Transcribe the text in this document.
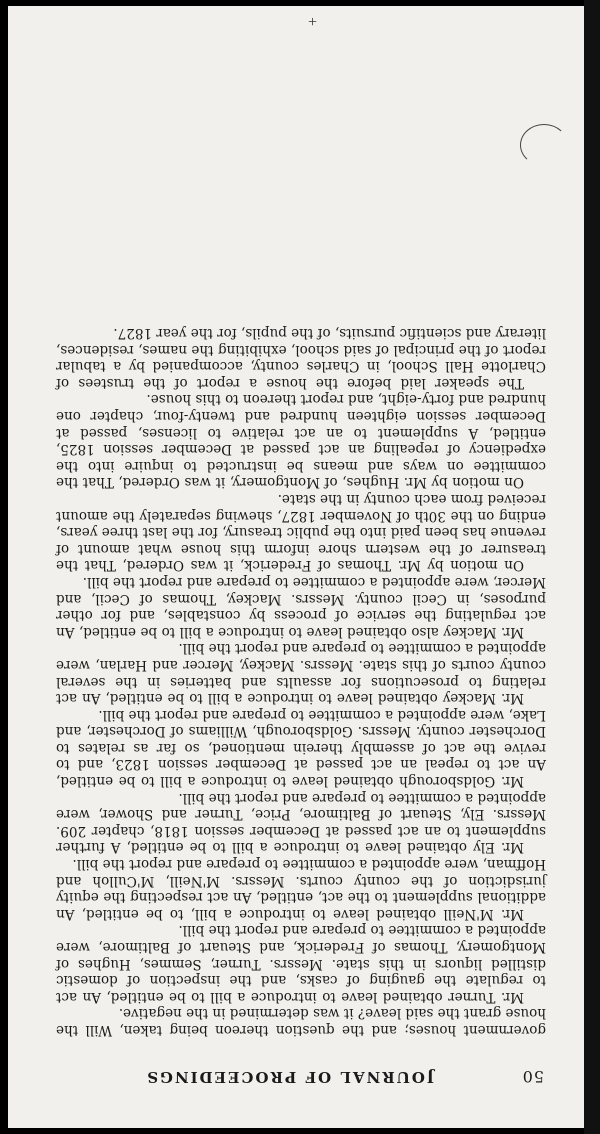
50
JOURNAL OF PROCEEDINGS

government houses; and the question thereon being taken, Will the house grant the said leave? it was determined in the negative.

Mr. Turner obtained leave to introduce a bill to be entitled, An act to regulate the gauging of casks, and the inspection of domestic distilled liquors in this state. Messrs. Turner, Semmes, Hughes of Montgomery, Thomas of Frederick, and Steuart of Baltimore, were appointed a committee to prepare and report the bill.

Mr. M'Neill obtained leave to introduce a bill, to be entitled, An additional supplement to the act, entitled, An act respecting the equity jurisdiction of the county courts. Messrs. M'Neill, M'Culloh and Hoffman, were appointed a committee to prepare and report the bill.

Mr. Ely obtained leave to introduce a bill to be entitled, A further supplement to an act passed at December session 1818, chapter 209. Messrs. Ely, Steuart of Baltimore, Price, Turner and Shower, were appointed a committee to prepare and report the bill.

Mr. Goldsborough obtained leave to introduce a bill to be entitled, An act to repeal an act passed at December session 1823, and to revive the act of assembly therein mentioned, so far as relates to Dorchester county. Messrs. Goldsborough, Williams of Dorchester, and Lake, were appointed a committee to prepare and report the bill.

Mr. Mackey obtained leave to introduce a bill to be entitled, An act relating to prosecutions for assaults and batteries in the several county courts of this state. Messrs. Mackey, Mercer and Harlan, were appointed a committee to prepare and report the bill.

Mr. Mackey also obtained leave to introduce a bill to be entitled, An act regulating the service of process by constables, and for other purposes, in Cecil county. Messrs. Mackey, Thomas of Cecil, and Mercer, were appointed a committee to prepare and report the bill.

On motion by Mr. Thomas of Frederick, it was Ordered, That the treasurer of the western shore inform this house what amount of revenue has been paid into the public treasury, for the last three years, ending on the 30th of November 1827, shewing separately the amount received from each county in the state.

On motion by Mr. Hughes, of Montgomery, it was Ordered, That the committee on ways and means be instructed to inquire into the expediency of repealing an act passed at December session 1825, entitled, A supplement to an act relative to licenses, passed at December session eighteen hundred and twenty-four, chapter one hundred and forty-eight, and report thereon to this house.

The speaker laid before the house a report of the trustees of Charlotte Hall School, in Charles county, accompanied by a tabular report of the principal of said school, exhibiting the names, residences, literary and scientific pursuits, of the pupils, for the year 1827.

+
